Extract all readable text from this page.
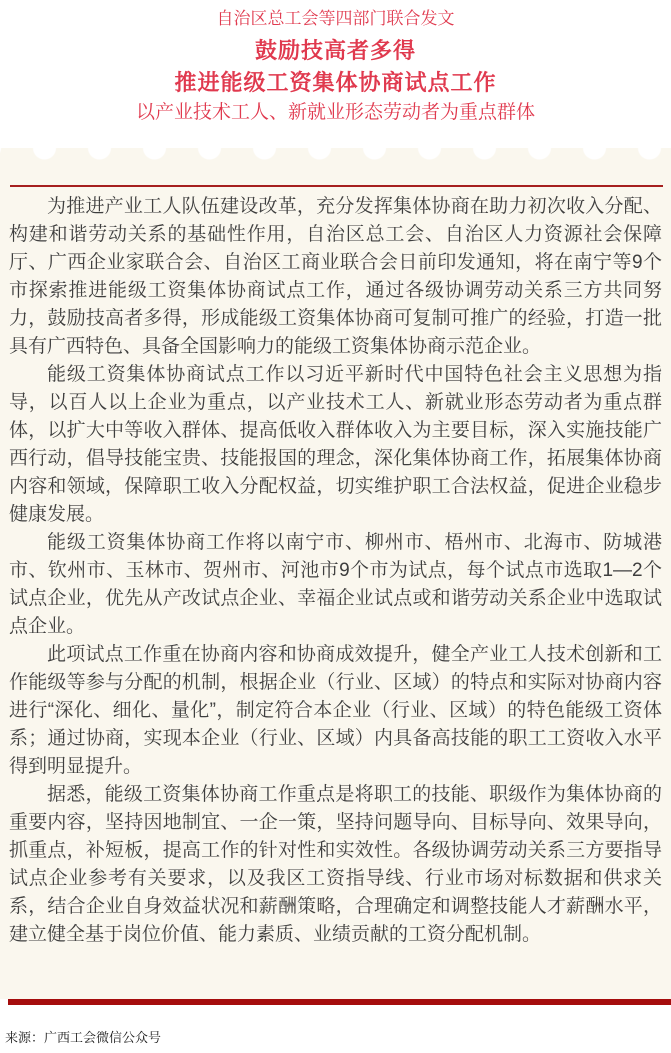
自治区总工会等四部门联合发文
鼓励技高者多得
推进能级工资集体协商试点工作
以产业技术工人、新就业形态劳动者为重点群体

为推进产业工人队伍建设改革，充分发挥集体协商在助力初次收入分配、构建和谐劳动关系的基础性作用，自治区总工会、自治区人力资源社会保障厅、广西企业家联合会、自治区工商业联合会日前印发通知，将在南宁等9个市探索推进能级工资集体协商试点工作，通过各级协调劳动关系三方共同努力，鼓励技高者多得，形成能级工资集体协商可复制可推广的经验，打造一批具有广西特色、具备全国影响力的能级工资集体协商示范企业。

能级工资集体协商试点工作以习近平新时代中国特色社会主义思想为指导，以百人以上企业为重点，以产业技术工人、新就业形态劳动者为重点群体，以扩大中等收入群体、提高低收入群体收入为主要目标，深入实施技能广西行动，倡导技能宝贵、技能报国的理念，深化集体协商工作，拓展集体协商内容和领域，保障职工收入分配权益，切实维护职工合法权益，促进企业稳步健康发展。

能级工资集体协商工作将以南宁市、柳州市、梧州市、北海市、防城港市、钦州市、玉林市、贺州市、河池市9个市为试点，每个试点市选取1—2个试点企业，优先从产改试点企业、幸福企业试点或和谐劳动关系企业中选取试点企业。

此项试点工作重在协商内容和协商成效提升，健全产业工人技术创新和工作能级等参与分配的机制，根据企业（行业、区域）的特点和实际对协商内容进行“深化、细化、量化”，制定符合本企业（行业、区域）的特色能级工资体系；通过协商，实现本企业（行业、区域）内具备高技能的职工工资收入水平得到明显提升。

据悉，能级工资集体协商工作重点是将职工的技能、职级作为集体协商的重要内容，坚持因地制宜、一企一策，坚持问题导向、目标导向、效果导向，抓重点，补短板，提高工作的针对性和实效性。各级协调劳动关系三方要指导试点企业参考有关要求，以及我区工资指导线、行业市场对标数据和供求关系，结合企业自身效益状况和薪酬策略，合理确定和调整技能人才薪酬水平，建立健全基于岗位价值、能力素质、业绩贡献的工资分配机制。

来源：广西工会微信公众号
